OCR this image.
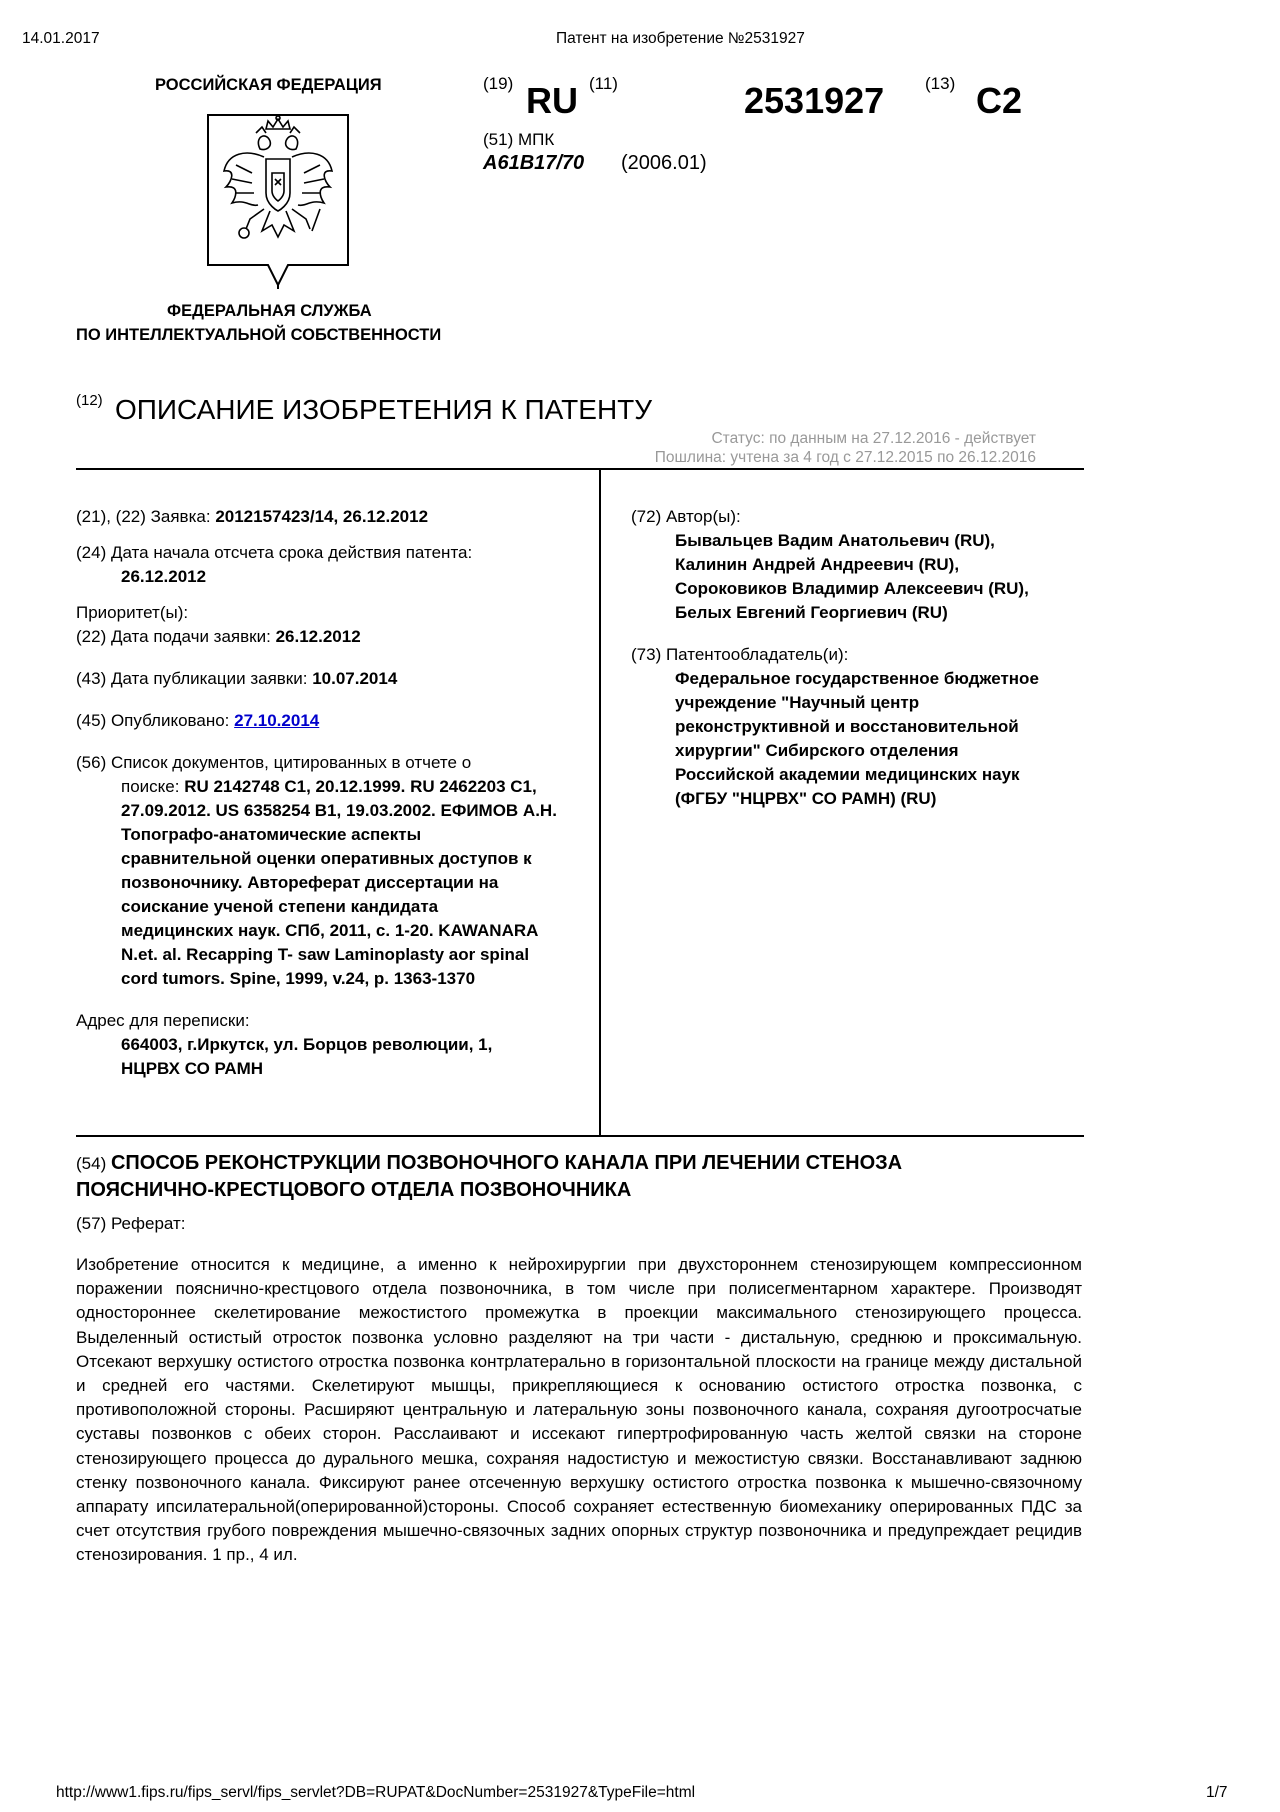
14.01.2017	Патент на изобретение №2531927
РОССИЙСКАЯ ФЕДЕРАЦИЯ
ФЕДЕРАЛЬНАЯ СЛУЖБА
ПО ИНТЕЛЛЕКТУАЛЬНОЙ СОБСТВЕННОСТИ
(19) RU (11)	2531927 (13) C2
(51) МПК
A61B17/70 (2006.01)
(12) ОПИСАНИЕ ИЗОБРЕТЕНИЯ К ПАТЕНТУ
Статус: по данным на 27.12.2016 - действует
Пошлина: учтена за 4 год с 27.12.2015 по 26.12.2016

(21), (22) Заявка: 2012157423/14, 26.12.2012

(24) Дата начала отсчета срока действия патента:

26.12.2012

Приоритет(ы):

(22) Дата подачи заявки: 26.12.2012

(43) Дата публикации заявки: 10.07.2014

(45) Опубликовано: 27.10.2014

(56) Список документов, цитированных в отчете о

поиске: RU 2142748 C1, 20.12.1999. RU 2462203 C1,

27.09.2012. US 6358254 B1, 19.03.2002. ЕФИМОВ А.Н.

Топографо-анатомические аспекты

сравнительной оценки оперативных доступов к

позвоночнику. Автореферат диссертации на

соискание ученой степени кандидата

медицинских наук. СПб, 2011, с. 1-20. KAWANARA

N.et. al. Recapping T- saw Laminoplasty aor spinal

cord tumors. Spine, 1999, v.24, p. 1363-1370

Адрес для переписки:

664003, г.Иркутск, ул. Борцов революции, 1,

НЦРВХ СО РАМН

(72) Автор(ы):

Бывальцев Вадим Анатольевич (RU),

Калинин Андрей Андреевич (RU),

Сороковиков Владимир Алексеевич (RU),

Белых Евгений Георгиевич (RU)

(73) Патентообладатель(и):

Федеральное государственное бюджетное

учреждение "Научный центр

реконструктивной и восстановительной

хирургии" Сибирского отделения

Российской академии медицинских наук

(ФГБУ "НЦРВХ" СО РАМН) (RU)

(54) СПОСОБ РЕКОНСТРУКЦИИ ПОЗВОНОЧНОГО КАНАЛА ПРИ ЛЕЧЕНИИ СТЕНОЗА
ПОЯСНИЧНО-КРЕСТЦОВОГО ОТДЕЛА ПОЗВОНОЧНИКА
(57) Реферат:
Изобретение относится к медицине, а именно к нейрохирургии при двухстороннем стенозирующем компрессионном поражении пояснично-крестцового отдела позвоночника, в том числе при полисегментарном характере. Производят одностороннее скелетирование межостистого промежутка в проекции максимального стенозирующего процесса. Выделенный остистый отросток позвонка условно разделяют на три части - дистальную, среднюю и проксимальную. Отсекают верхушку остистого отростка позвонка контрлатерально в горизонтальной плоскости на границе между дистальной и средней его частями. Скелетируют мышцы, прикрепляющиеся к основанию остистого отростка позвонка, с противоположной стороны. Расширяют центральную и латеральную зоны позвоночного канала, сохраняя дугоотросчатые суставы позвонков с обеих сторон. Расслаивают и иссекают гипертрофированную часть желтой связки на стороне стенозирующего процесса до дурального мешка, сохраняя надостистую и межостистую связки. Восстанавливают заднюю стенку позвоночного канала. Фиксируют ранее отсеченную верхушку остистого отростка позвонка к мышечно-связочному аппарату ипсилатеральной(оперированной)стороны. Способ сохраняет естественную биомеханику оперированных ПДС за счет отсутствия грубого повреждения мышечно-связочных задних опорных структур позвоночника и предупреждает рецидив стенозирования. 1 пр., 4 ил.
http://www1.fips.ru/fips_servl/fips_servlet?DB=RUPAT&DocNumber=2531927&TypeFile=html	1/7
